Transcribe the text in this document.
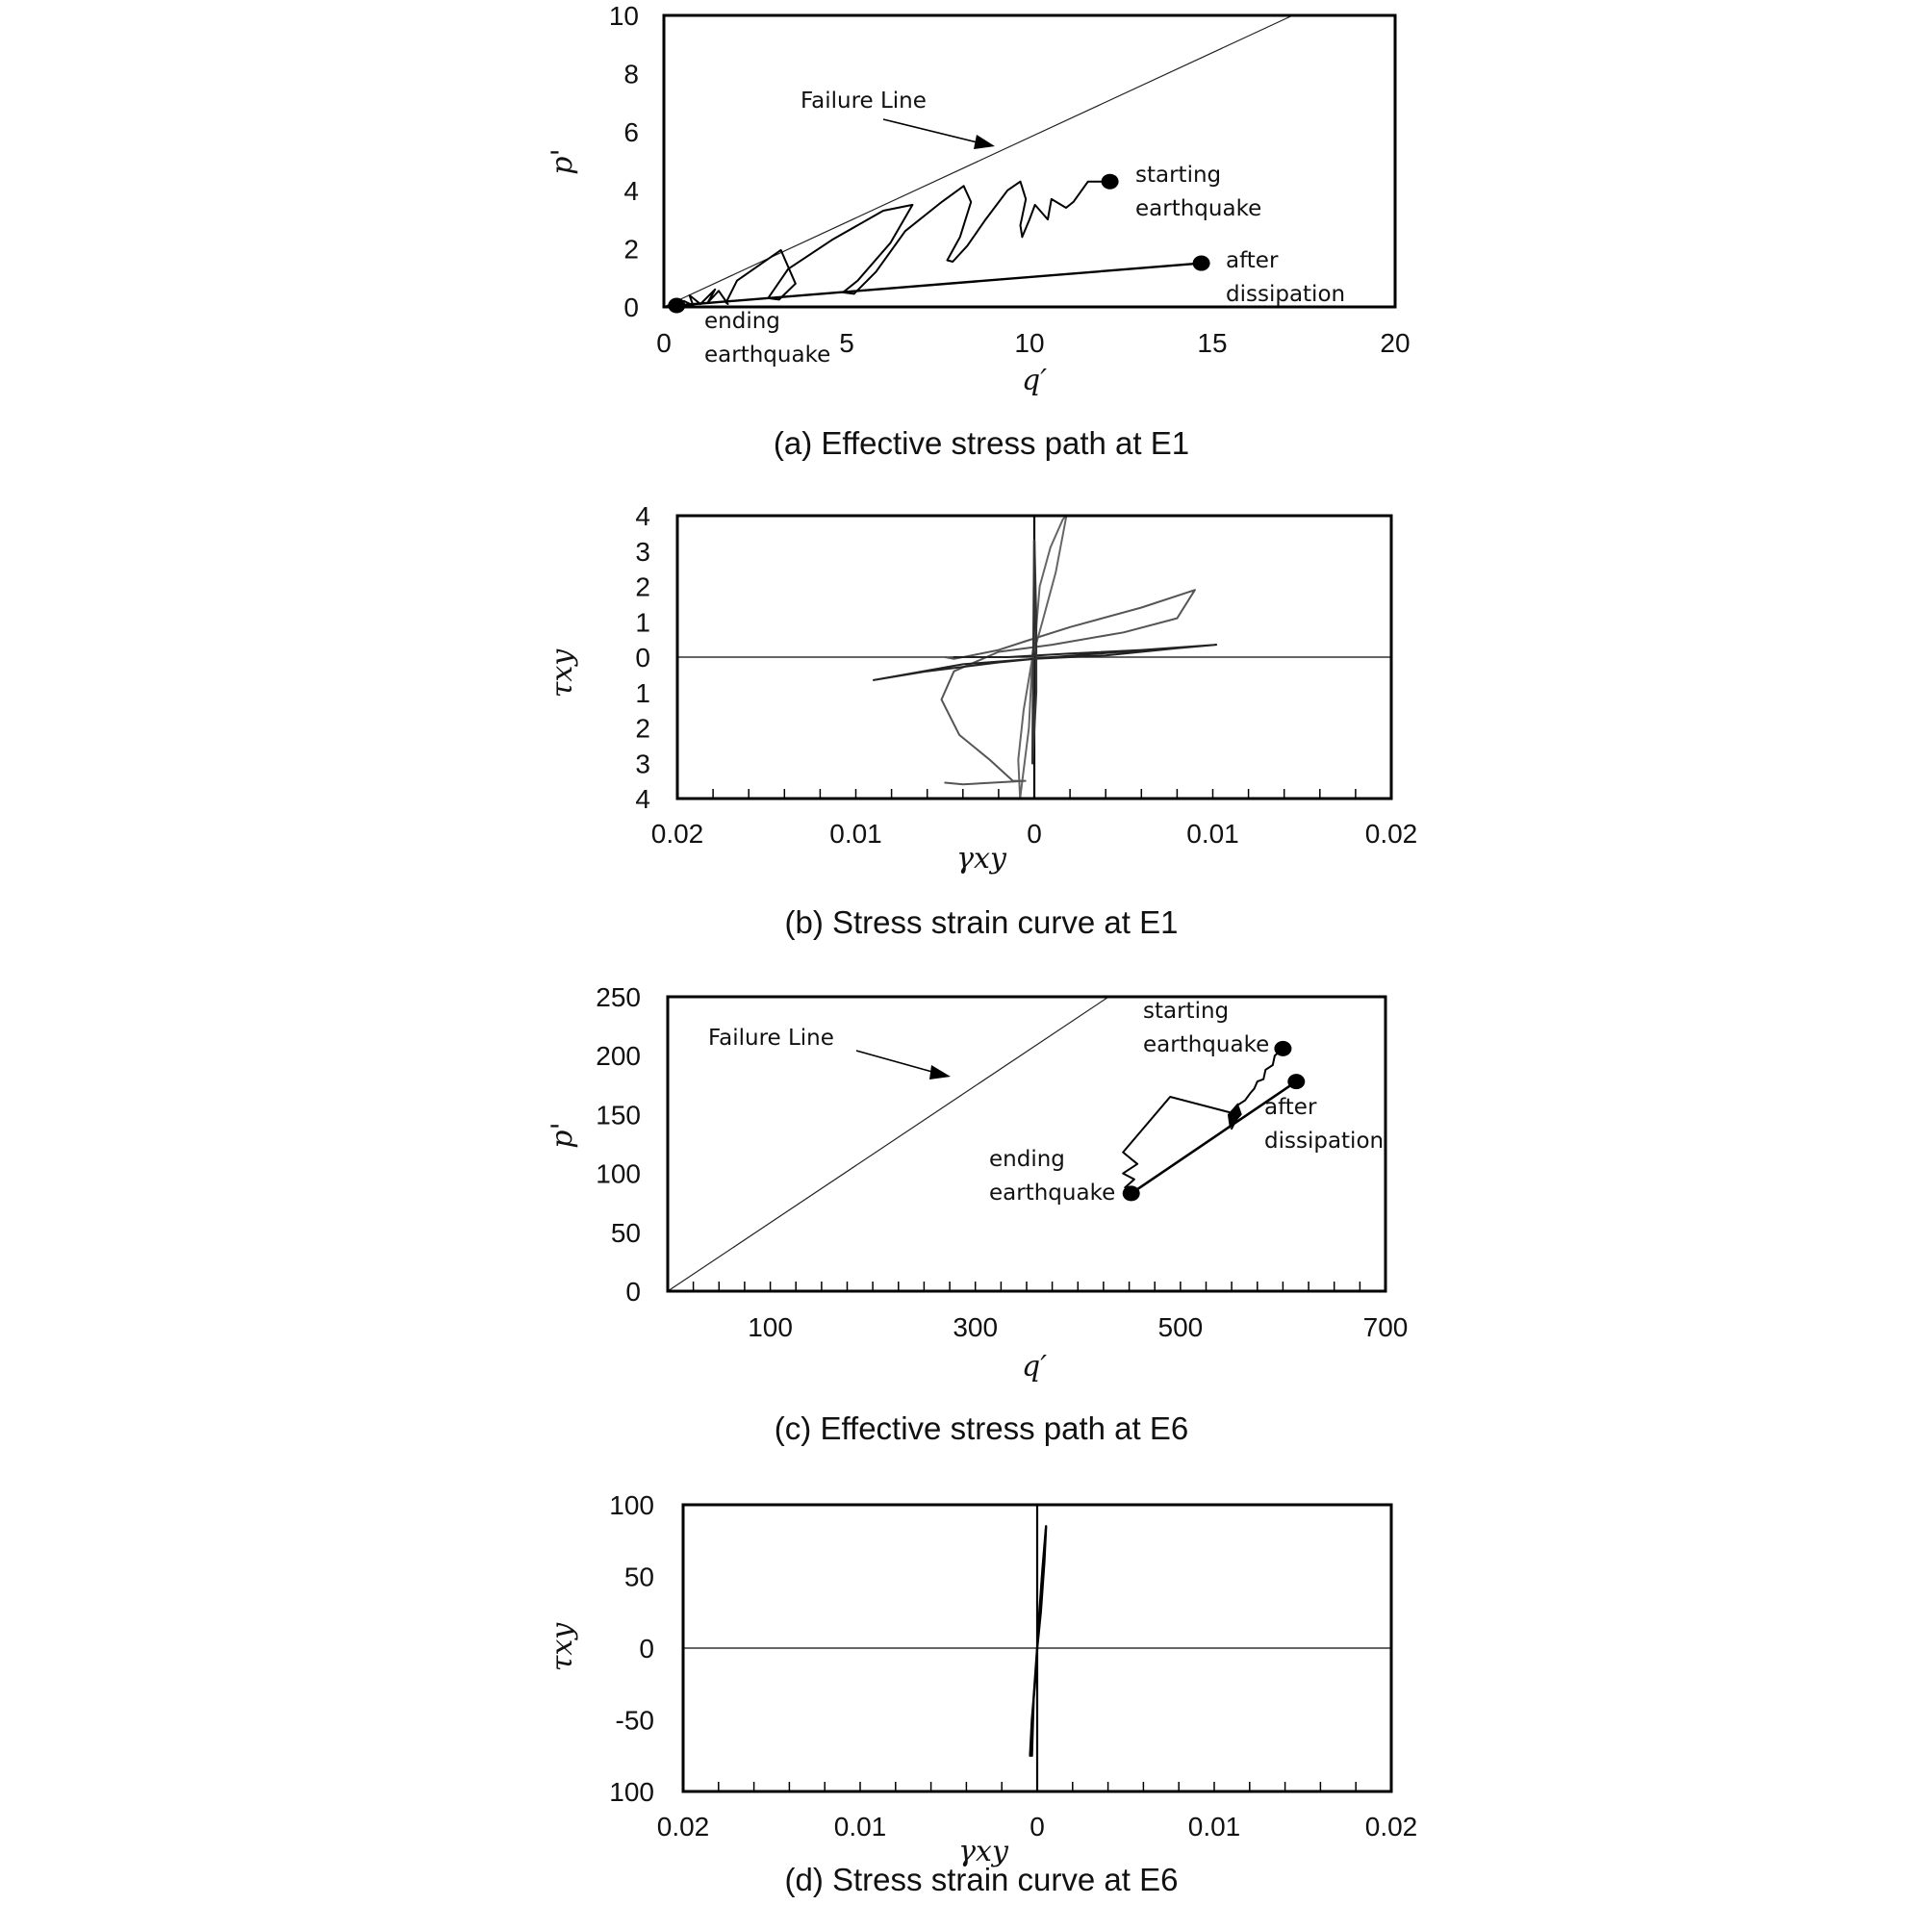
0
2
4
6
8
10
0	5	10	15	20
p'
q′
Failure Line
starting
earthquake
after
dissipation
ending
earthquake
(a) Effective stress path at E1
4
3
2
1
0
1
2
3
4
0.02	0.01	0	0.01	0.02
τxy
γxy
(b) Stress strain curve at E1
0
50
100
150
200
250
100	300	500	700
p'
q′
Failure Line
starting
earthquake
after
dissipation
ending
earthquake
(c) Effective stress path at E6
100
50
0
-50
100
0.02	0.01	0	0.01	0.02
τxy
γxy
(d) Stress strain curve at E6
